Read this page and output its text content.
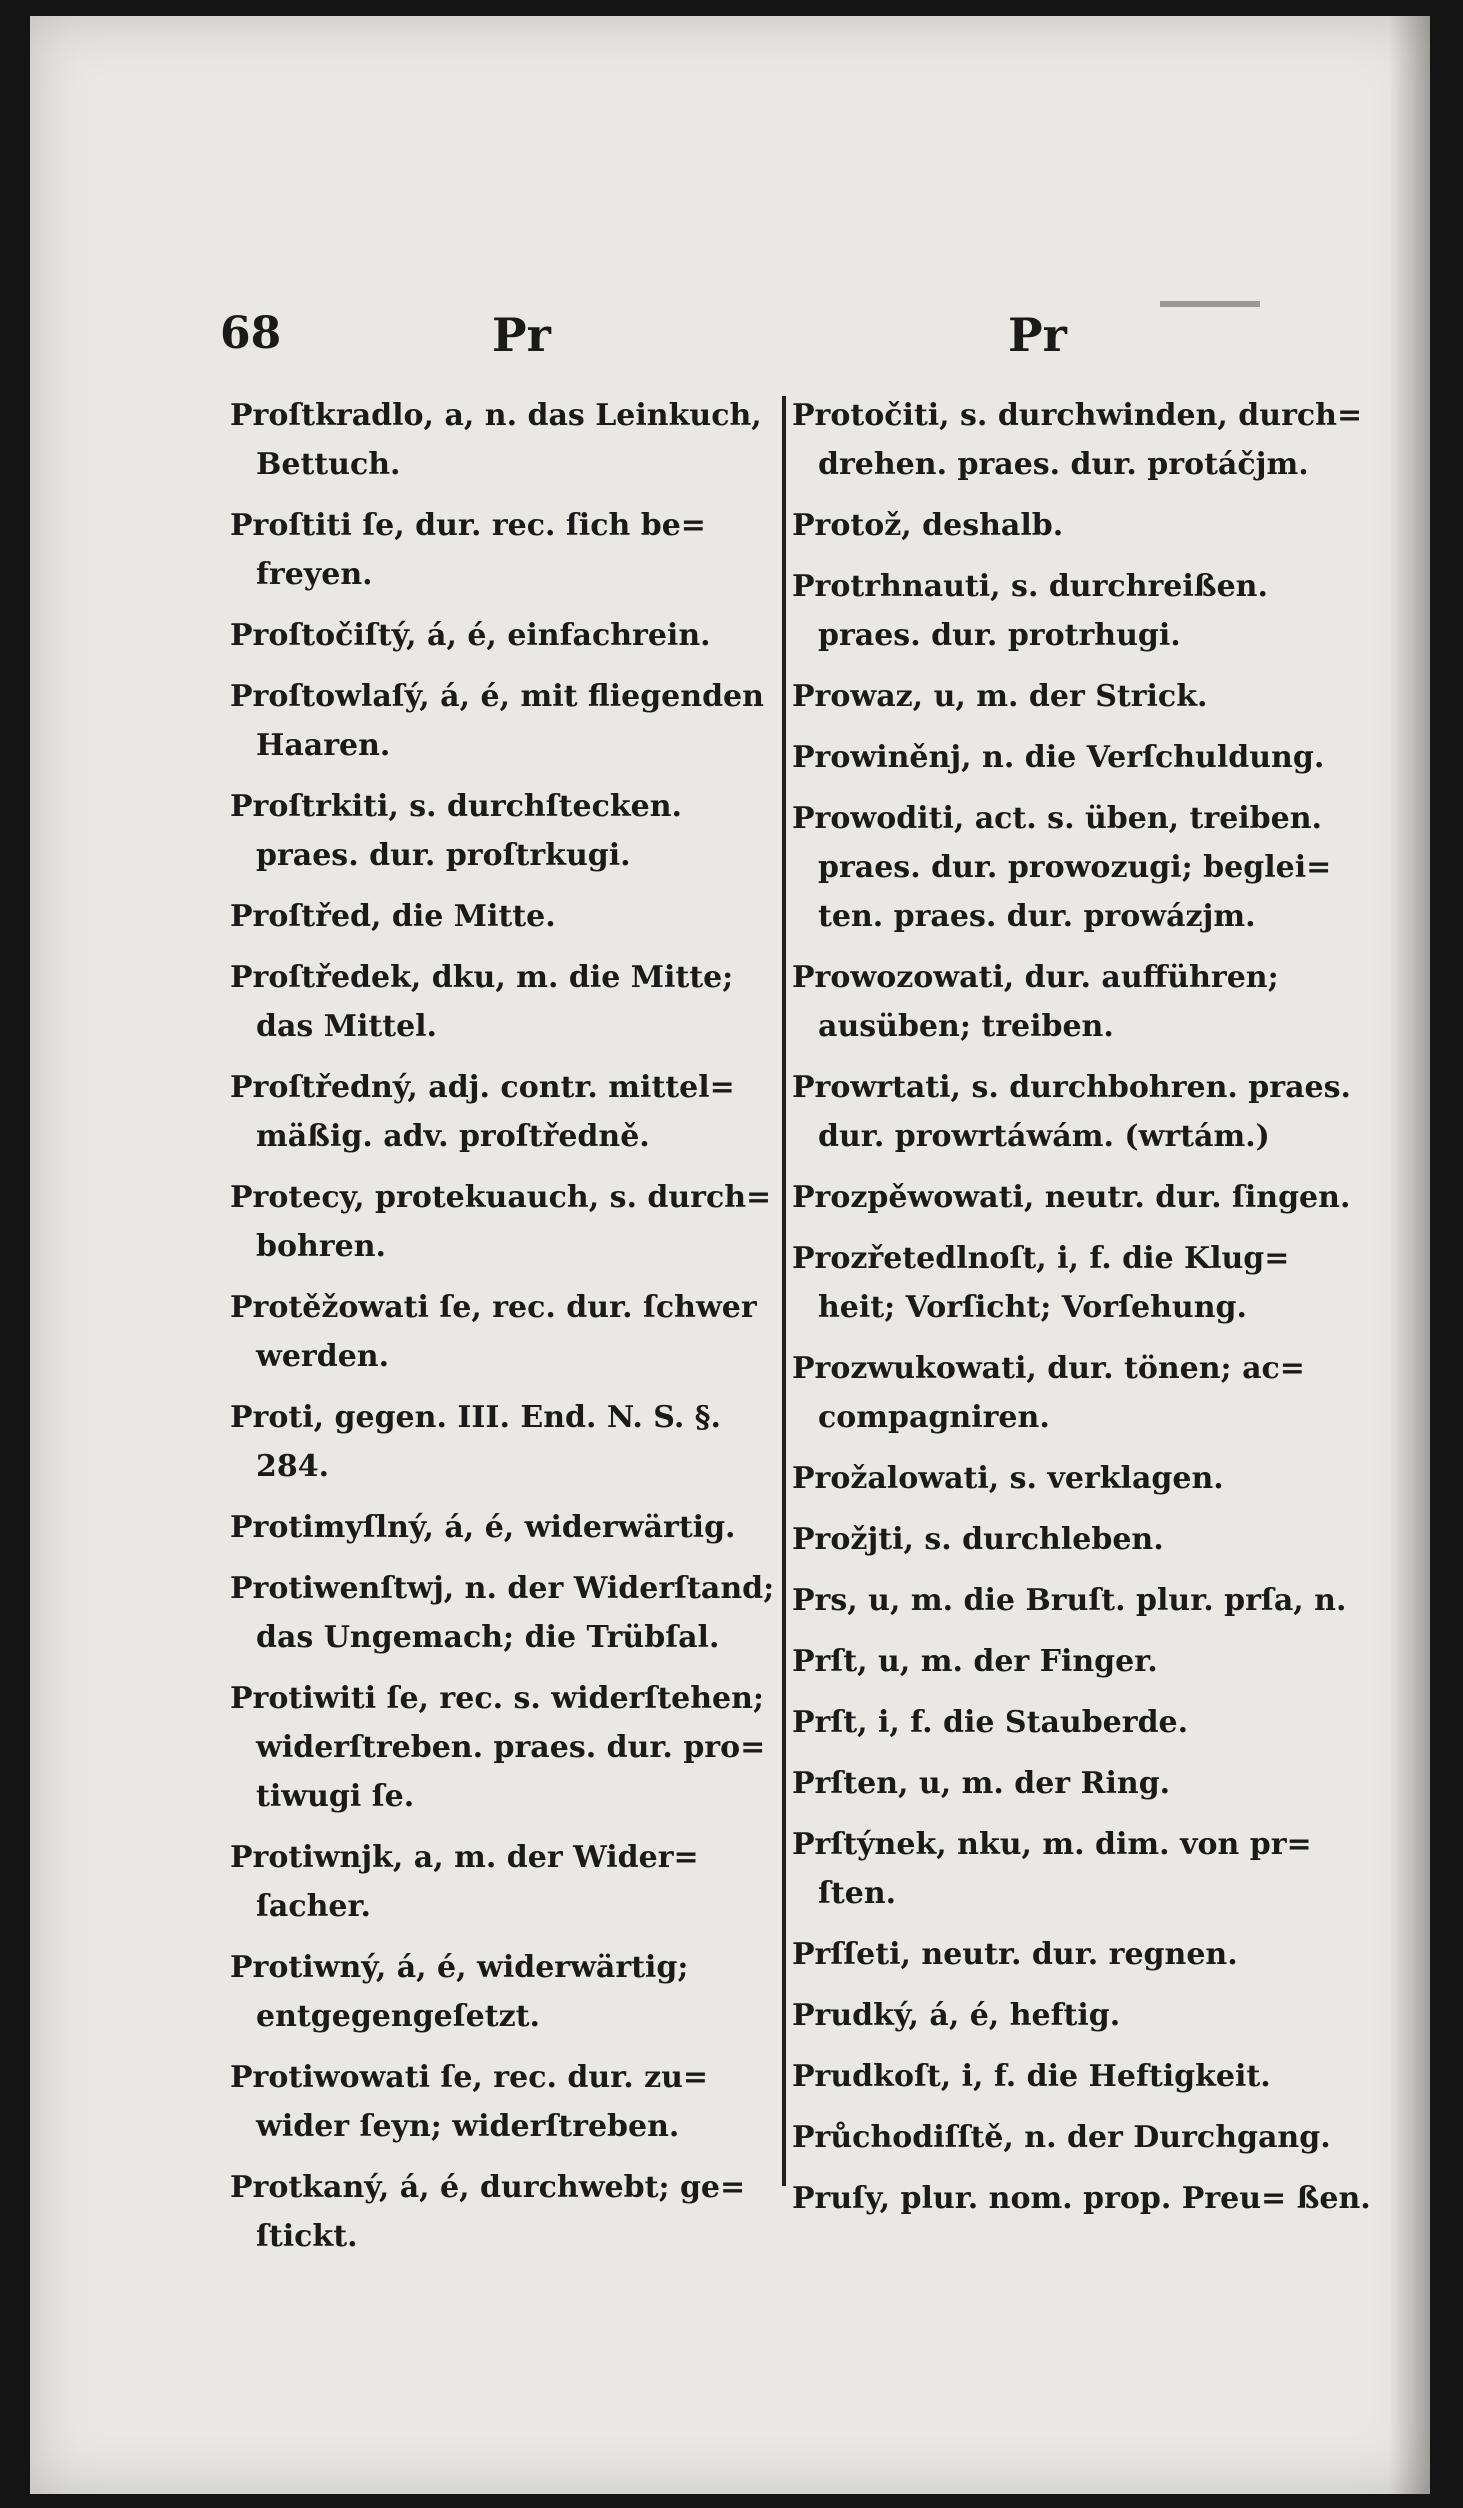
68	Pr	Pr

Proſtkradlo, a, n. das Leinkuch, Bettuch.

Proſtiti ſe, dur. rec. ſich be= freyen.

Proſtočiſtý, á, é, einfachrein.

Proſtowlaſý, á, é, mit fliegenden Haaren.

Proſtrkiti, s. durchſtecken. praes. dur. proſtrkugi.

Proſtřed, die Mitte.

Proſtředek, dku, m. die Mitte; das Mittel.

Proſtředný, adj. contr. mittel= mäßig. adv. proſtředně.

Protecy, protekuauch, s. durch= bohren.

Protěžowati ſe, rec. dur. ſchwer werden.

Proti, gegen. III. End. N. S. §. 284.

Protimyſlný, á, é, widerwärtig.

Protiwenſtwj, n. der Widerſtand; das Ungemach; die Trübſal.

Protiwiti ſe, rec. s. widerſtehen; widerſtreben. praes. dur. pro= tiwugi ſe.

Protiwnjk, a, m. der Wider= ſacher.

Protiwný, á, é, widerwärtig; entgegengeſetzt.

Protiwowati ſe, rec. dur. zu= wider ſeyn; widerſtreben.

Protkaný, á, é, durchwebt; ge= ſtickt.

Protočiti, s. durchwinden, durch= drehen. praes. dur. protáčjm.

Protož, deshalb.

Protrhnauti, s. durchreißen. praes. dur. protrhugi.

Prowaz, u, m. der Strick.

Prowiněnj, n. die Verſchuldung.

Prowoditi, act. s. üben, treiben. praes. dur. prowozugi; beglei= ten. praes. dur. prowázjm.

Prowozowati, dur. aufführen; ausüben; treiben.

Prowrtati, s. durchbohren. praes. dur. prowrtáwám. (wrtám.)

Prozpěwowati, neutr. dur. ſingen.

Prozřetedlnoſt, i, f. die Klug= heit; Vorſicht; Vorſehung.

Prozwukowati, dur. tönen; ac= compagniren.

Prožalowati, s. verklagen.

Prožjti, s. durchleben.

Prs, u, m. die Bruſt. plur. prſa, n.

Prſt, u, m. der Finger.

Prſt, i, f. die Stauberde.

Prſten, u, m. der Ring.

Prſtýnek, nku, m. dim. von pr= ſten.

Prſſeti, neutr. dur. regnen.

Prudký, á, é, heftig.

Prudkoſt, i, f. die Heftigkeit.

Průchodiſſtě, n. der Durchgang.

Pruſy, plur. nom. prop. Preu= ßen.
